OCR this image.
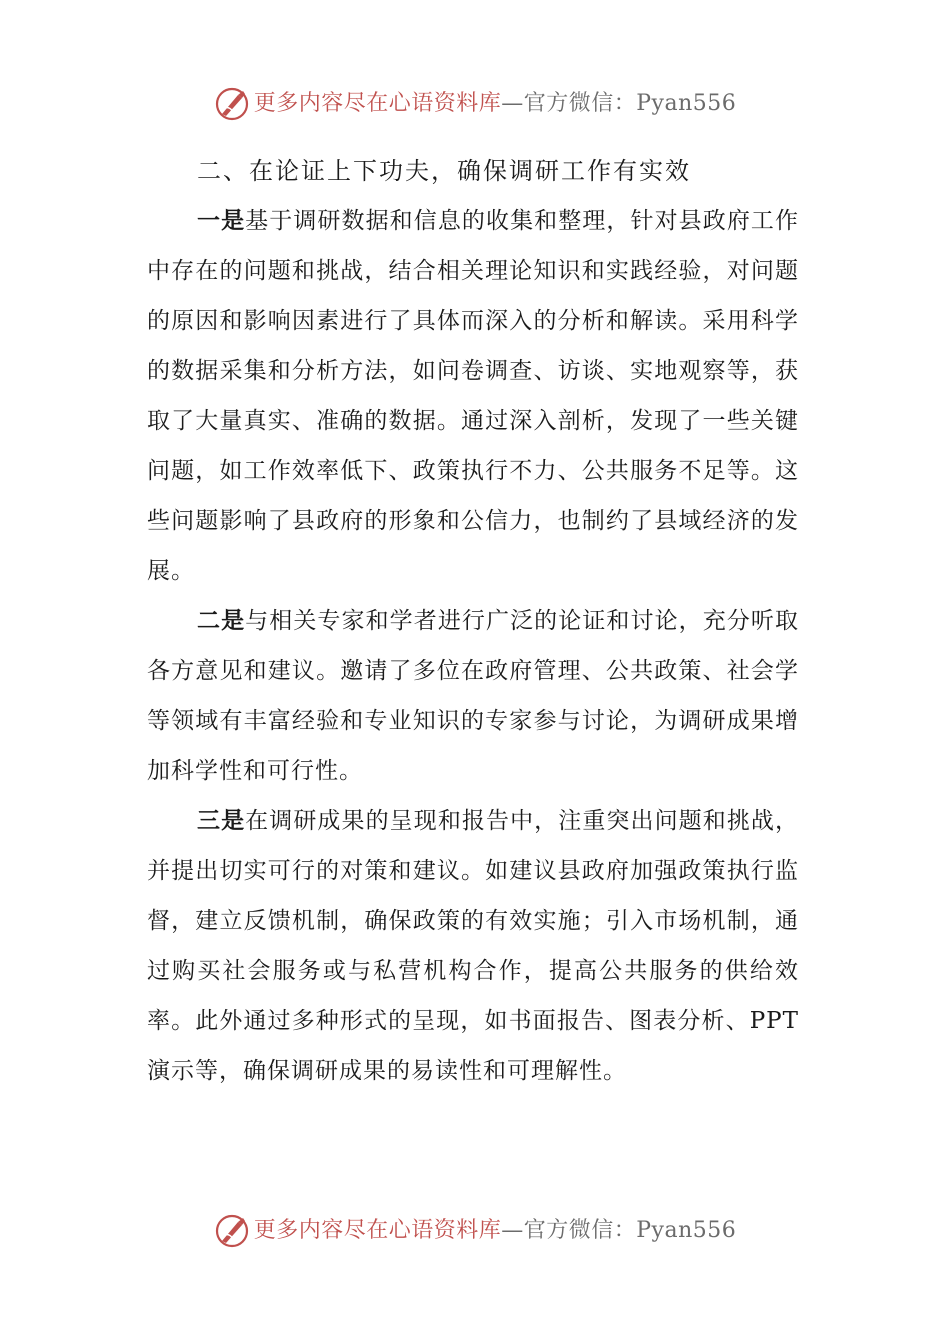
更多内容尽在心语资料库—官方微信：Pyan556
二、在论证上下功夫，确保调研工作有实效

一是基于调研数据和信息的收集和整理，针对县政府工作中存在的问题和挑战，结合相关理论知识和实践经验，对问题的原因和影响因素进行了具体而深入的分析和解读。采用科学的数据采集和分析方法，如问卷调查、访谈、实地观察等，获取了大量真实、准确的数据。通过深入剖析，发现了一些关键问题，如工作效率低下、政策执行不力、公共服务不足等。这些问题影响了县政府的形象和公信力，也制约了县域经济的发展。

二是与相关专家和学者进行广泛的论证和讨论，充分听取各方意见和建议。邀请了多位在政府管理、公共政策、社会学等领域有丰富经验和专业知识的专家参与讨论，为调研成果增加科学性和可行性。

三是在调研成果的呈现和报告中，注重突出问题和挑战，并提出切实可行的对策和建议。如建议县政府加强政策执行监督，建立反馈机制，确保政策的有效实施；引入市场机制，通过购买社会服务或与私营机构合作，提高公共服务的供给效率。此外通过多种形式的呈现，如书面报告、图表分析、PPT演示等，确保调研成果的易读性和可理解性。

更多内容尽在心语资料库—官方微信：Pyan556
